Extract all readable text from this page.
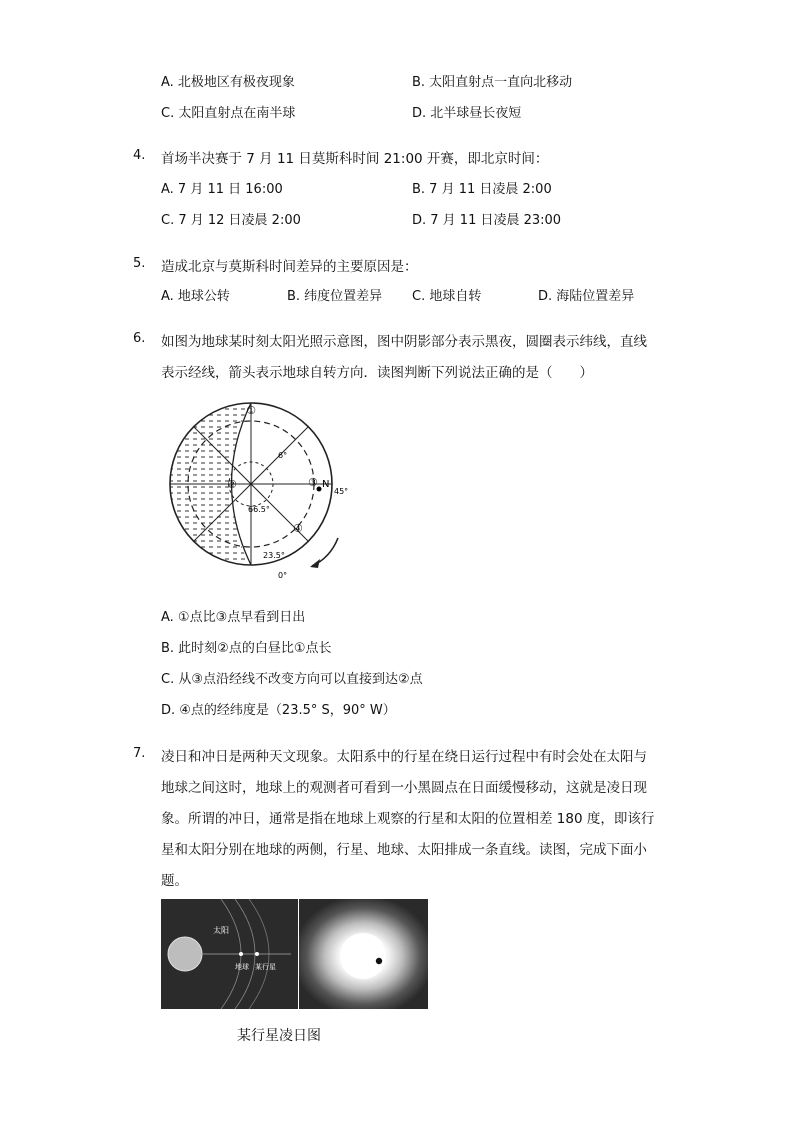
A. 北极地区有极夜现象	B. 太阳直射点一直向北移动
C. 太阳直射点在南半球	D. 北半球昼长夜短
4. 首场半决赛于 7 月 11 日莫斯科时间 21:00 开赛，即北京时间：
A. 7 月 11 日 16:00	B. 7 月 11 日凌晨 2:00
C. 7 月 12 日凌晨 2:00	D. 7 月 11 日凌晨 23:00
5. 造成北京与莫斯科时间差异的主要原因是：
A. 地球公转	B. 纬度位置差异 C. 地球自转	D. 海陆位置差异
6. 如图为地球某时刻太阳光照示意图，图中阴影部分表示黑夜，圆圈表示纬线，直线
表示经线，箭头表示地球自转方向．读图判断下列说法正确的是（　　）
①
②	③
④
N
6°
66.5°
23.5°
0°
45°
A. ①点比③点早看到日出
B. 此时刻②点的白昼比①点长
C. 从③点沿经线不改变方向可以直接到达②点
D. ④点的经纬度是（23.5° S，90° W）
7. 凌日和冲日是两种天文现象。太阳系中的行星在绕日运行过程中有时会处在太阳与
地球之间这时，地球上的观测者可看到一小黑圆点在日面缓慢移动，这就是凌日现
象。所谓的冲日，通常是指在地球上观察的行星和太阳的位置相差 180 度，即该行
星和太阳分别在地球的两侧，行星、地球、太阳排成一条直线。读图，完成下面小
题。
太阳
地球 某行星
某行星凌日图
